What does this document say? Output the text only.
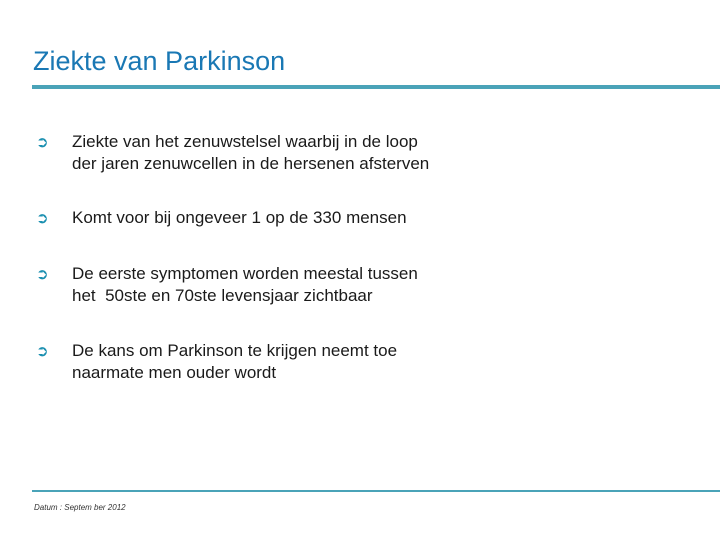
Ziekte van Parkinson
➲ Ziekte van het zenuwstelsel waarbij in de loop
der jaren zenuwcellen in de hersenen afsterven
➲ Komt voor bij ongeveer 1 op de 330 mensen
➲ De eerste symptomen worden meestal tussen
het  50ste en 70ste levensjaar zichtbaar
➲ De kans om Parkinson te krijgen neemt toe
naarmate men ouder wordt
Datum : Septem ber 2012
